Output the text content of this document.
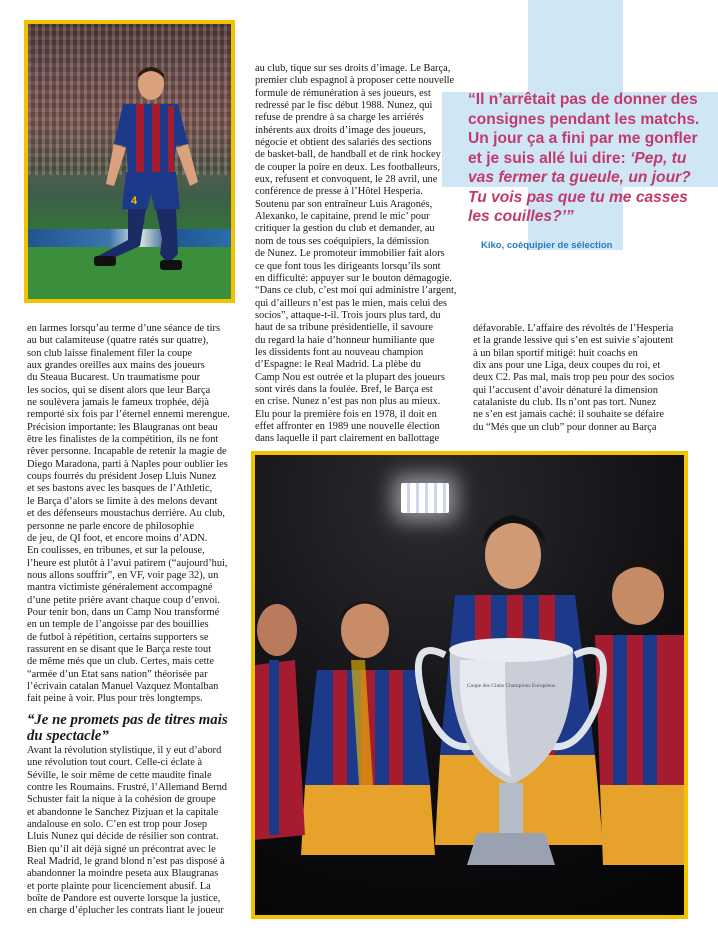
4

“Il n’arrêtait pas de donner des consignes pendant les matchs. Un jour ça a fini par me gonfler et je suis allé lui dire: ‘Pep, tu vas fermer ta gueule, un jour? Tu vois pas que tu me casses les couilles?’”

Kiko, coéquipier de sélection
au club, tique sur ses droits d’image. Le Barça,
premier club espagnol à proposer cette nouvelle
formule de rémunération à ses joueurs, est
redressé par le fisc début 1988. Nunez, qui
refuse de prendre à sa charge les arriérés
inhérents aux droits d’image des joueurs,
négocie et obtient des salariés des sections
de basket-ball, de handball et de rink hockey
de couper la poire en deux. Les footballeurs,
eux, refusent et convoquent, le 28 avril, une
conférence de presse à l’Hôtel Hesperia.
Soutenu par son entraîneur Luis Aragonés,
Alexanko, le capitaine, prend le mic’ pour
critiquer la gestion du club et demander, au
nom de tous ses coéquipiers, la démission
de Nunez. Le promoteur immobilier fait alors
ce que font tous les dirigeants lorsqu’ils sont
en difficulté: appuyer sur le bouton démagogie.
“Dans ce club, c’est moi qui administre l’argent,
qui d’ailleurs n’est pas le mien, mais celui des
socios”, attaque-t-il. Trois jours plus tard, du
haut de sa tribune présidentielle, il savoure
du regard la haie d’honneur humiliante que
les dissidents font au nouveau champion
d’Espagne: le Real Madrid. La plèbe du
Camp Nou est outrée et la plupart des joueurs
sont virés dans la foulée. Bref, le Barça est
en crise. Nunez n’est pas non plus au mieux.
Élu pour la première fois en 1978, il doit en
effet affronter en 1989 une nouvelle élection
dans laquelle il part clairement en ballottage
défavorable. L’affaire des révoltés de l’Hesperia
et la grande lessive qui s’en est suivie s’ajoutent
à un bilan sportif mitigé: huit coachs en
dix ans pour une Liga, deux coupes du roi, et
deux C2. Pas mal, mais trop peu pour des socios
qui l’accusent d’avoir dénaturé la dimension
catalaniste du club. Ils n’ont pas tort. Nunez
ne s’en est jamais caché: il souhaite se défaire
du “Més que un club” pour donner au Barça
en larmes lorsqu’au terme d’une séance de tirs
au but calamiteuse (quatre ratés sur quatre),
son club laisse finalement filer la coupe
aux grandes oreilles aux mains des joueurs
du Steaua Bucarest. Un traumatisme pour
les socios, qui se disent alors que leur Barça
ne soulèvera jamais le fameux trophée, déjà
remporté six fois par l’éternel ennemi merengue.
Précision importante: les Blaugranas ont beau
être les finalistes de la compétition, ils ne font
rêver personne. Incapable de retenir la magie de
Diego Maradona, parti à Naples pour oublier les
coups fourrés du président Josep Lluis Nunez
et ses bastons avec les basques de l’Athletic,
le Barça d’alors se limite à des melons devant
et des défenseurs moustachus derrière. Au club,
personne ne parle encore de philosophie
de jeu, de QI foot, et encore moins d’ADN.
En coulisses, en tribunes, et sur la pelouse,
l’heure est plutôt à l’avui patirem (“aujourd’hui,
nous allons souffrir”, en VF, voir page 32), un
mantra victimiste généralement accompagné
d’une petite prière avant chaque coup d’envoi.
Pour tenir bon, dans un Camp Nou transformé
en un temple de l’angoisse par des bouillies
de futbol à répétition, certains supporters se
rassurent en se disant que le Barça reste tout
de même més que un club. Certes, mais cette
“armée d’un État sans nation” théorisée par
l’écrivain catalan Manuel Vazquez Montalban
fait peine à voir. Plus pour très longtemps.
“Je ne promets pas de titres mais du spectacle”
Avant la révolution stylistique, il y eut d’abord
une révolution tout court. Celle-ci éclate à
Séville, le soir même de cette maudite finale
contre les Roumains. Frustré, l’Allemand Bernd
Schuster fait la nique à la cohésion de groupe
et abandonne le Sanchez Pizjuan et la capitale
andalouse en solo. C’en est trop pour Josep
Lluis Nunez qui décide de résilier son contrat.
Bien qu’il ait déjà signé un précontrat avec le
Real Madrid, le grand blond n’est pas disposé à
abandonner la moindre peseta aux Blaugranas
et porte plainte pour licenciement abusif. La
boîte de Pandore est ouverte lorsque la justice,
en charge d’éplucher les contrats liant le joueur
Coupe des Clubs Champions Européens
